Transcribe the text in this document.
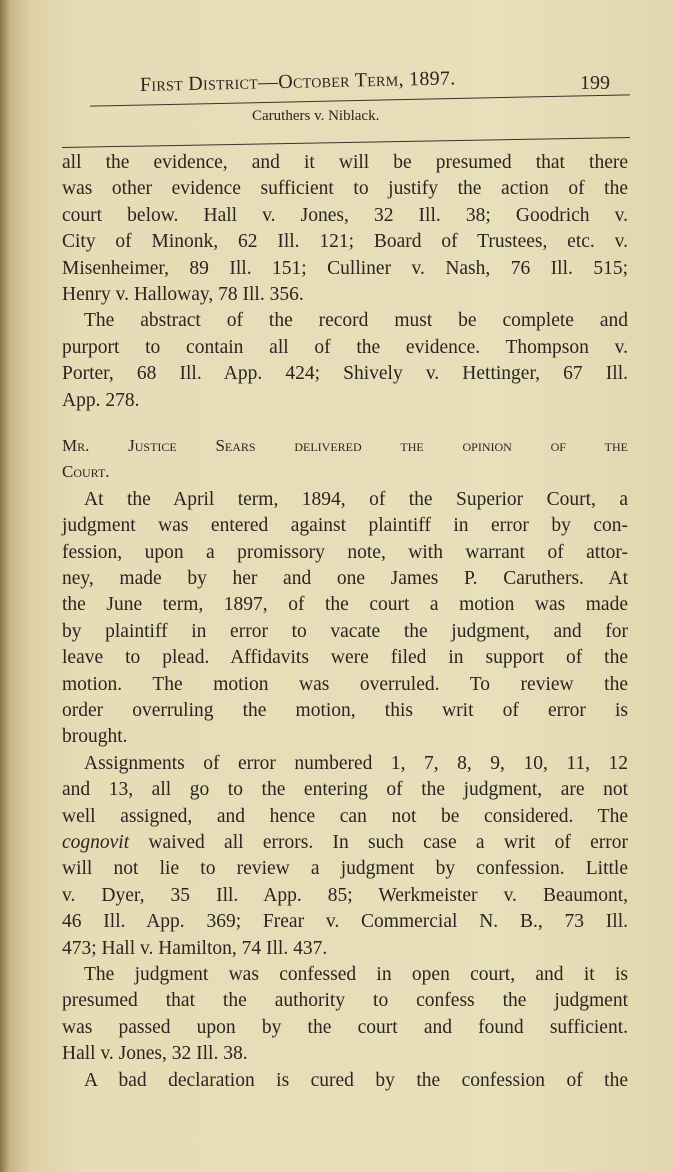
First District—October Term, 1897.	199
Caruthers v. Niblack.
all the evidence, and it will be presumed that there
was other evidence sufficient to justify the action of the
court below. Hall v. Jones, 32 Ill. 38; Goodrich v.
City of Minonk, 62 Ill. 121; Board of Trustees, etc. v.
Misenheimer, 89 Ill. 151; Culliner v. Nash, 76 Ill. 515;
Henry v. Halloway, 78 Ill. 356.
The abstract of the record must be complete and
purport to contain all of the evidence. Thompson v.
Porter, 68 Ill. App. 424; Shively v. Hettinger, 67 Ill.
App. 278.
Mr. Justice Sears delivered the opinion of the
Court.
At the April term, 1894, of the Superior Court, a
judgment was entered against plaintiff in error by con-
fession, upon a promissory note, with warrant of attor-
ney, made by her and one James P. Caruthers. At
the June term, 1897, of the court a motion was made
by plaintiff in error to vacate the judgment, and for
leave to plead. Affidavits were filed in support of the
motion. The motion was overruled. To review the
order overruling the motion, this writ of error is
brought.
Assignments of error numbered 1, 7, 8, 9, 10, 11, 12
and 13, all go to the entering of the judgment, are not
well assigned, and hence can not be considered. The
cognovit waived all errors. In such case a writ of error
will not lie to review a judgment by confession. Little
v. Dyer, 35 Ill. App. 85; Werkmeister v. Beaumont,
46 Ill. App. 369; Frear v. Commercial N. B., 73 Ill.
473; Hall v. Hamilton, 74 Ill. 437.
The judgment was confessed in open court, and it is
presumed that the authority to confess the judgment
was passed upon by the court and found sufficient.
Hall v. Jones, 32 Ill. 38.
A bad declaration is cured by the confession of the
